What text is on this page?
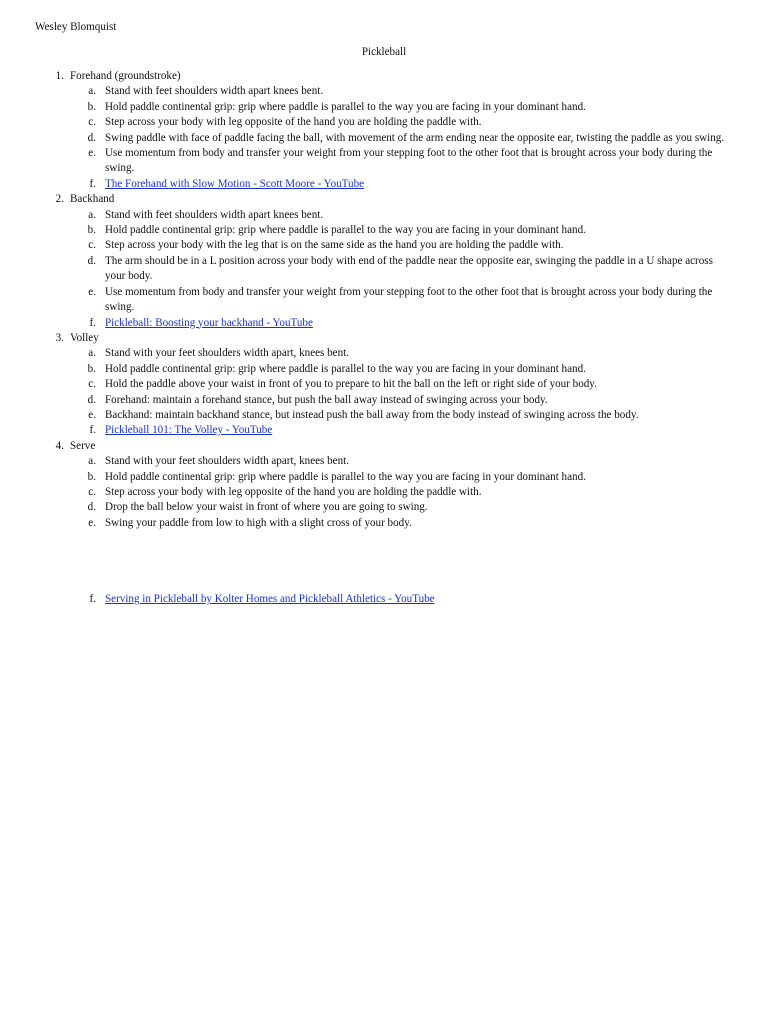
Wesley Blomquist
Pickleball
1. Forehand (groundstroke)
a. Stand with feet shoulders width apart knees bent.
b. Hold paddle continental grip: grip where paddle is parallel to the way you are facing in your dominant hand.
c. Step across your body with leg opposite of the hand you are holding the paddle with.
d. Swing paddle with face of paddle facing the ball, with movement of the arm ending near the opposite ear, twisting the paddle as you swing.
e. Use momentum from body and transfer your weight from your stepping foot to the other foot that is brought across your body during the swing.
f. The Forehand with Slow Motion - Scott Moore - YouTube
2. Backhand
a. Stand with feet shoulders width apart knees bent.
b. Hold paddle continental grip: grip where paddle is parallel to the way you are facing in your dominant hand.
c. Step across your body with the leg that is on the same side as the hand you are holding the paddle with.
d. The arm should be in a L position across your body with end of the paddle near the opposite ear, swinging the paddle in a U shape across your body.
e. Use momentum from body and transfer your weight from your stepping foot to the other foot that is brought across your body during the swing.
f. Pickleball: Boosting your backhand - YouTube
3. Volley
a. Stand with your feet shoulders width apart, knees bent.
b. Hold paddle continental grip: grip where paddle is parallel to the way you are facing in your dominant hand.
c. Hold the paddle above your waist in front of you to prepare to hit the ball on the left or right side of your body.
d. Forehand: maintain a forehand stance, but push the ball away instead of swinging across your body.
e. Backhand: maintain backhand stance, but instead push the ball away from the body instead of swinging across the body.
f. Pickleball 101: The Volley - YouTube
4. Serve
a. Stand with your feet shoulders width apart, knees bent.
b. Hold paddle continental grip: grip where paddle is parallel to the way you are facing in your dominant hand.
c. Step across your body with leg opposite of the hand you are holding the paddle with.
d. Drop the ball below your waist in front of where you are going to swing.
e. Swing your paddle from low to high with a slight cross of your body.
f. Serving in Pickleball by Kolter Homes and Pickleball Athletics - YouTube
